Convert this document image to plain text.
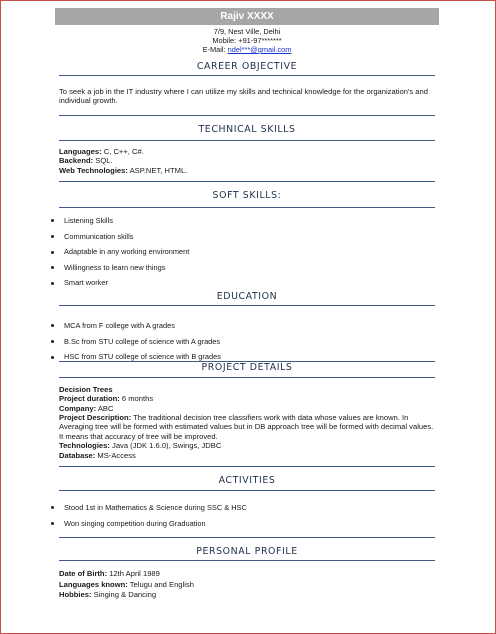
Rajiv XXXX
7/9, Nest Ville, Delhi
Mobile: +91-97*******
E-Mail: ndel***@gmail.com
CAREER OBJECTIVE
To seek a job in the IT industry where I can utilize my skills and technical knowledge for the organization's and individual growth.
TECHNICAL SKILLS
Languages: C, C++, C#.
Backend: SQL.
Web Technologies: ASP.NET, HTML.
SOFT SKILLS:
Listening Skills
Communication skills
Adaptable in any working environment
Willingness to learn new things
Smart worker
EDUCATION
MCA from F college with A grades
B.Sc from STU college of science with A grades
HSC from STU college of science with B grades
PROJECT DETAILS
Decision Trees
Project duration: 6 months
Company: ABC
Project Description: The traditional decision tree classifiers work with data whose values are known. In Averaging tree will be formed with estimated values but in DB approach tree will be formed with decimal values. It means that accuracy of tree will be improved.
Technologies: Java (JDK 1.6.0), Swings, JDBC
Database: MS-Access
ACTIVITIES
Stood 1st in Mathematics & Science during SSC & HSC
Won singing competition during Graduation
PERSONAL PROFILE
Date of Birth: 12th April 1989
Languages known: Telugu and English
Hobbies: Singing & Dancing
